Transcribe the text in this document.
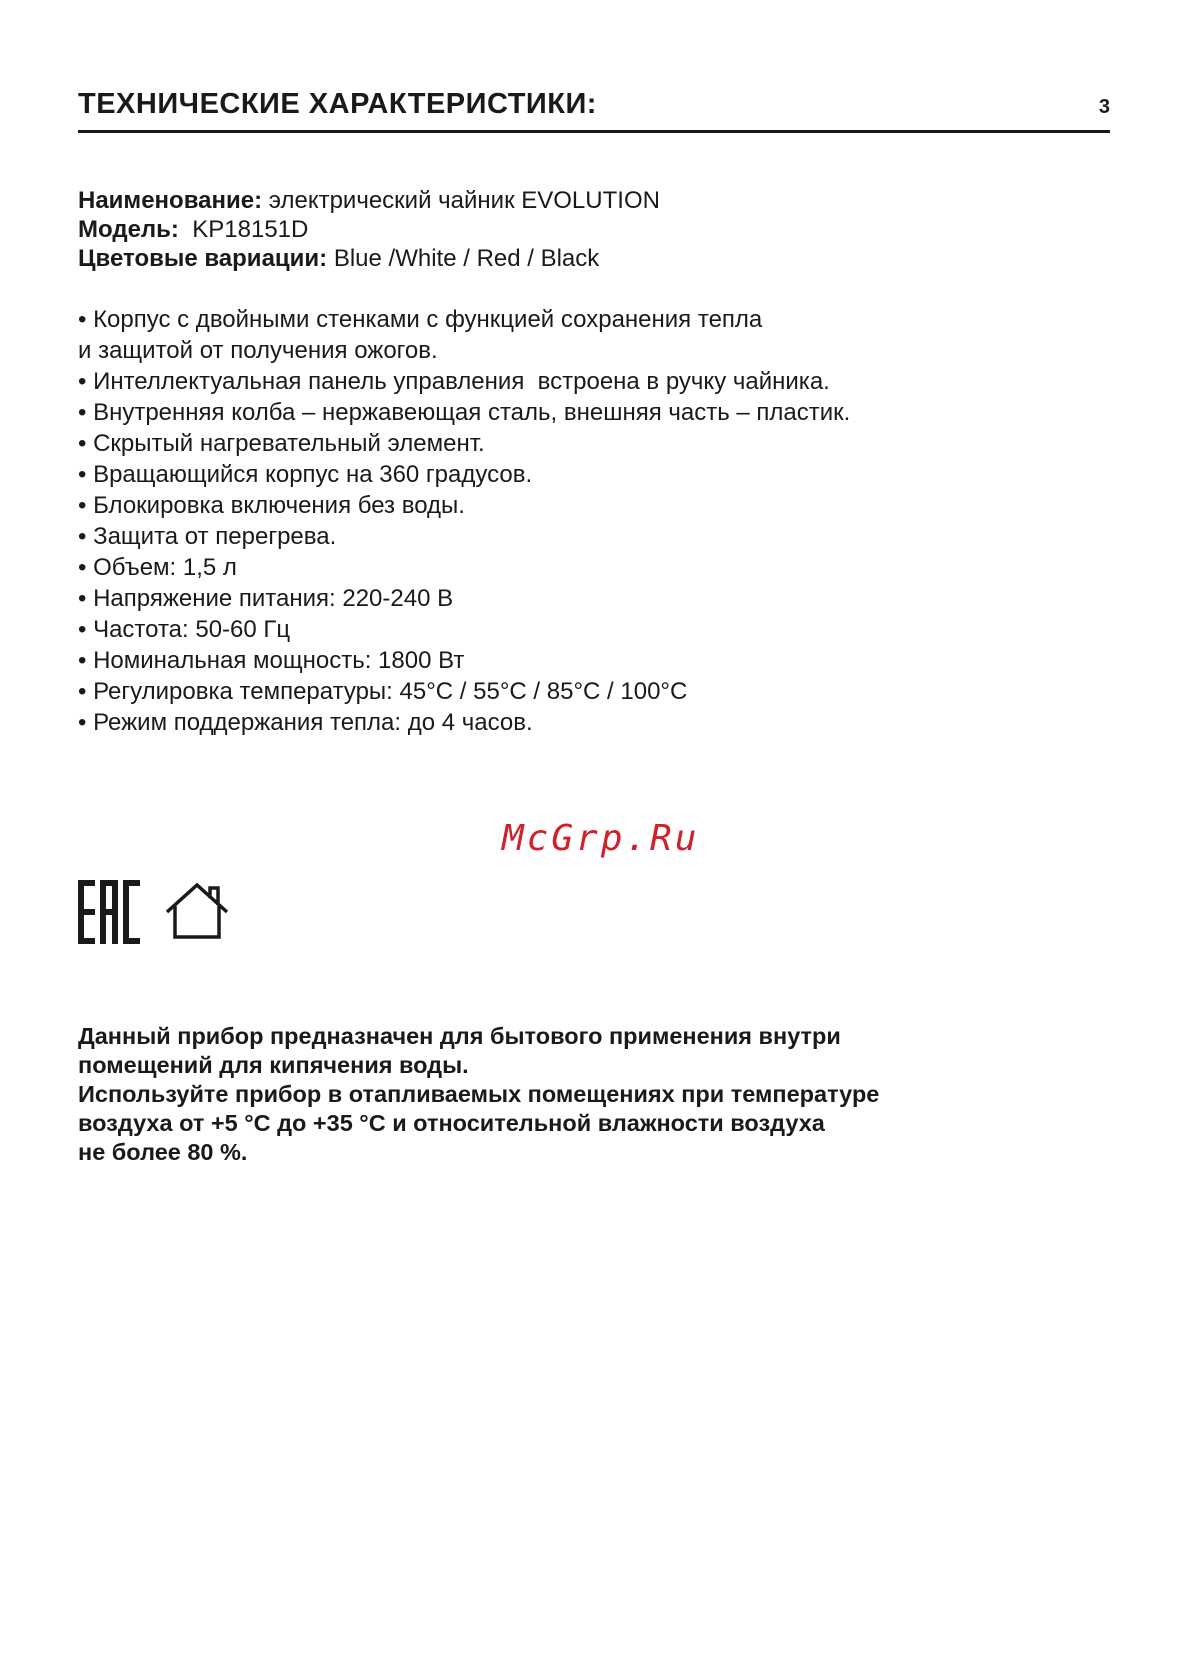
ТЕХНИЧЕСКИЕ ХАРАКТЕРИСТИКИ:	3
Наименование: электрический чайник EVOLUTION
Модель:  KP18151D
Цветовые вариации: Blue /White / Red / Black
• Корпус с двойными стенками с функцией сохранения тепла
и защитой от получения ожогов.
• Интеллектуальная панель управления  встроена в ручку чайника.
• Внутренняя колба – нержавеющая сталь, внешняя часть – пластик.
• Скрытый нагревательный элемент.
• Вращающийся корпус на 360 градусов.
• Блокировка включения без воды.
• Защита от перегрева.
• Объем: 1,5 л
• Напряжение питания: 220-240 В
• Частота: 50-60 Гц
• Номинальная мощность: 1800 Вт
• Регулировка температуры: 45°С / 55°С / 85°С / 100°С
• Режим поддержания тепла: до 4 часов.
McGrp.Ru
Данный прибор предназначен для бытового применения внутри
помещений для кипячения воды.
Используйте прибор в отапливаемых помещениях при температуре
воздуха от +5 °С до +35 °С и относительной влажности воздуха
не более 80 %.
